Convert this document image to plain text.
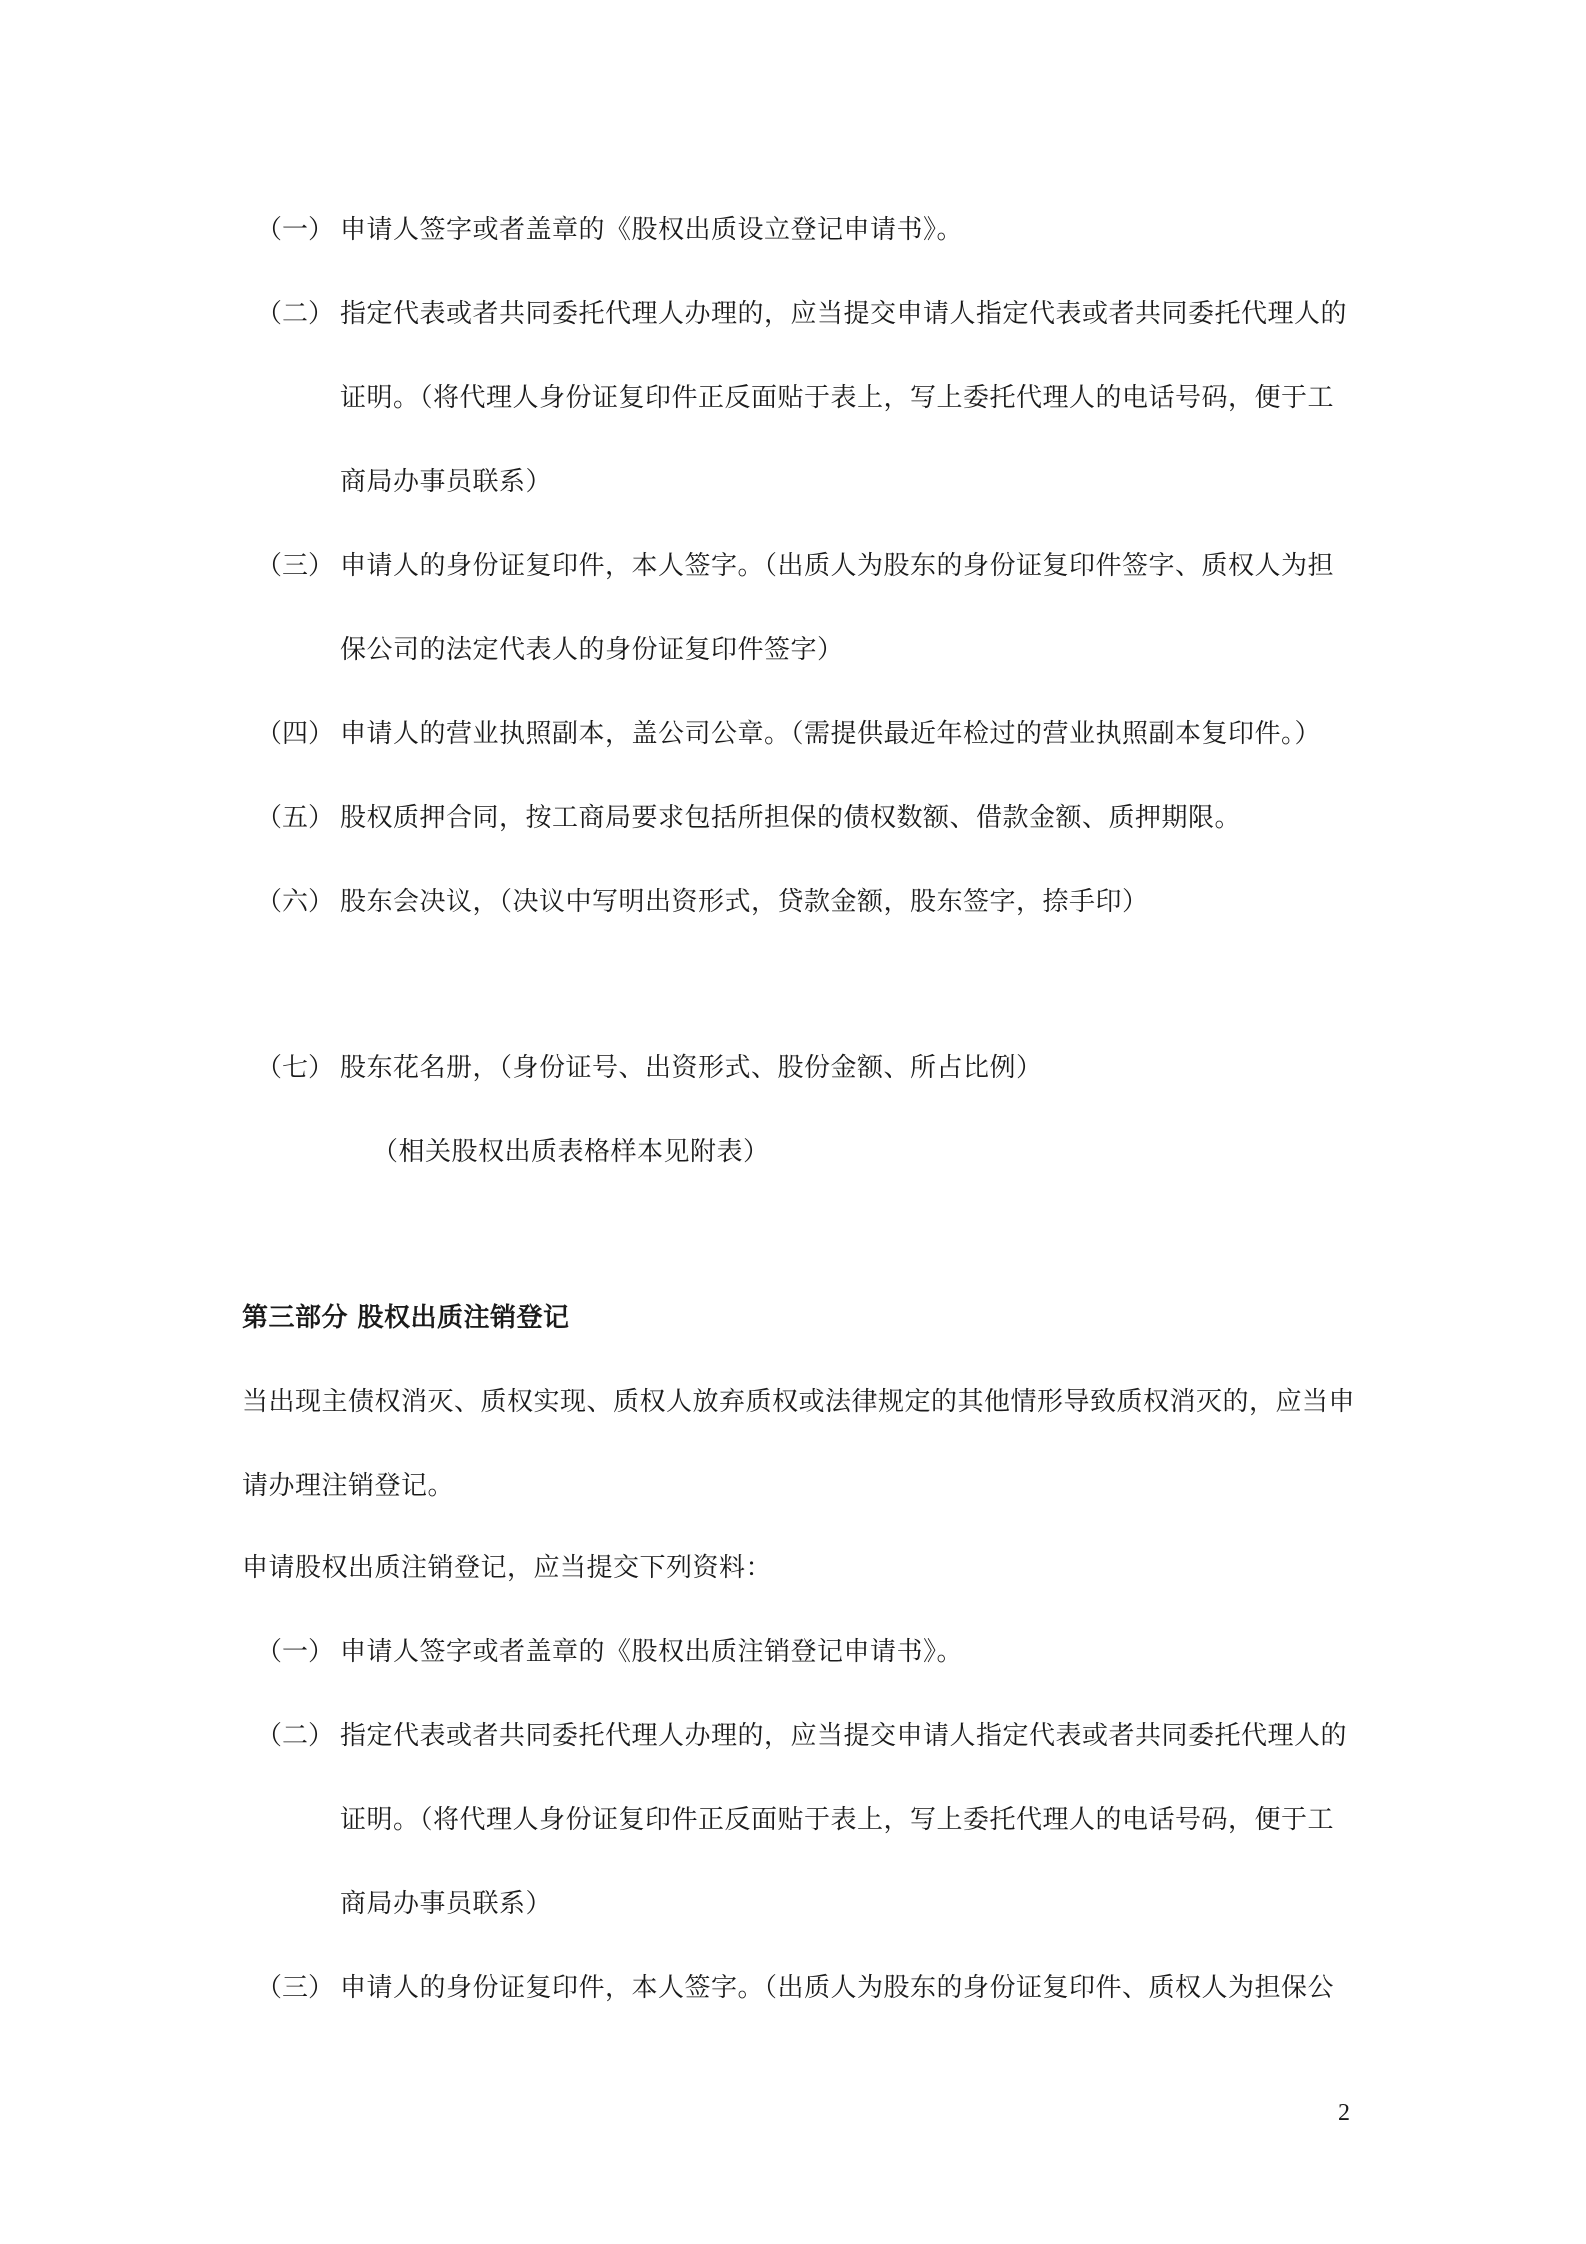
（一） 申请人签字或者盖章的《股权出质设立登记申请书》。
（二） 指定代表或者共同委托代理人办理的，应当提交申请人指定代表或者共同委托代理人的
证明。（将代理人身份证复印件正反面贴于表上，写上委托代理人的电话号码，便于工
商局办事员联系）
（三） 申请人的身份证复印件，本人签字。（出质人为股东的身份证复印件签字、质权人为担
保公司的法定代表人的身份证复印件签字）
（四） 申请人的营业执照副本，盖公司公章。（需提供最近年检过的营业执照副本复印件。）
（五） 股权质押合同，按工商局要求包括所担保的债权数额、借款金额、质押期限。
（六） 股东会决议，（决议中写明出资形式，贷款金额，股东签字，捺手印）
（七） 股东花名册，（身份证号、出资形式、股份金额、所占比例）
（相关股权出质表格样本见附表）
第三部分 股权出质注销登记
当出现主债权消灭、质权实现、质权人放弃质权或法律规定的其他情形导致质权消灭的，应当申
请办理注销登记。
申请股权出质注销登记，应当提交下列资料：
（一） 申请人签字或者盖章的《股权出质注销登记申请书》。
（二） 指定代表或者共同委托代理人办理的，应当提交申请人指定代表或者共同委托代理人的
证明。（将代理人身份证复印件正反面贴于表上，写上委托代理人的电话号码，便于工
商局办事员联系）
（三） 申请人的身份证复印件，本人签字。（出质人为股东的身份证复印件、质权人为担保公
2
